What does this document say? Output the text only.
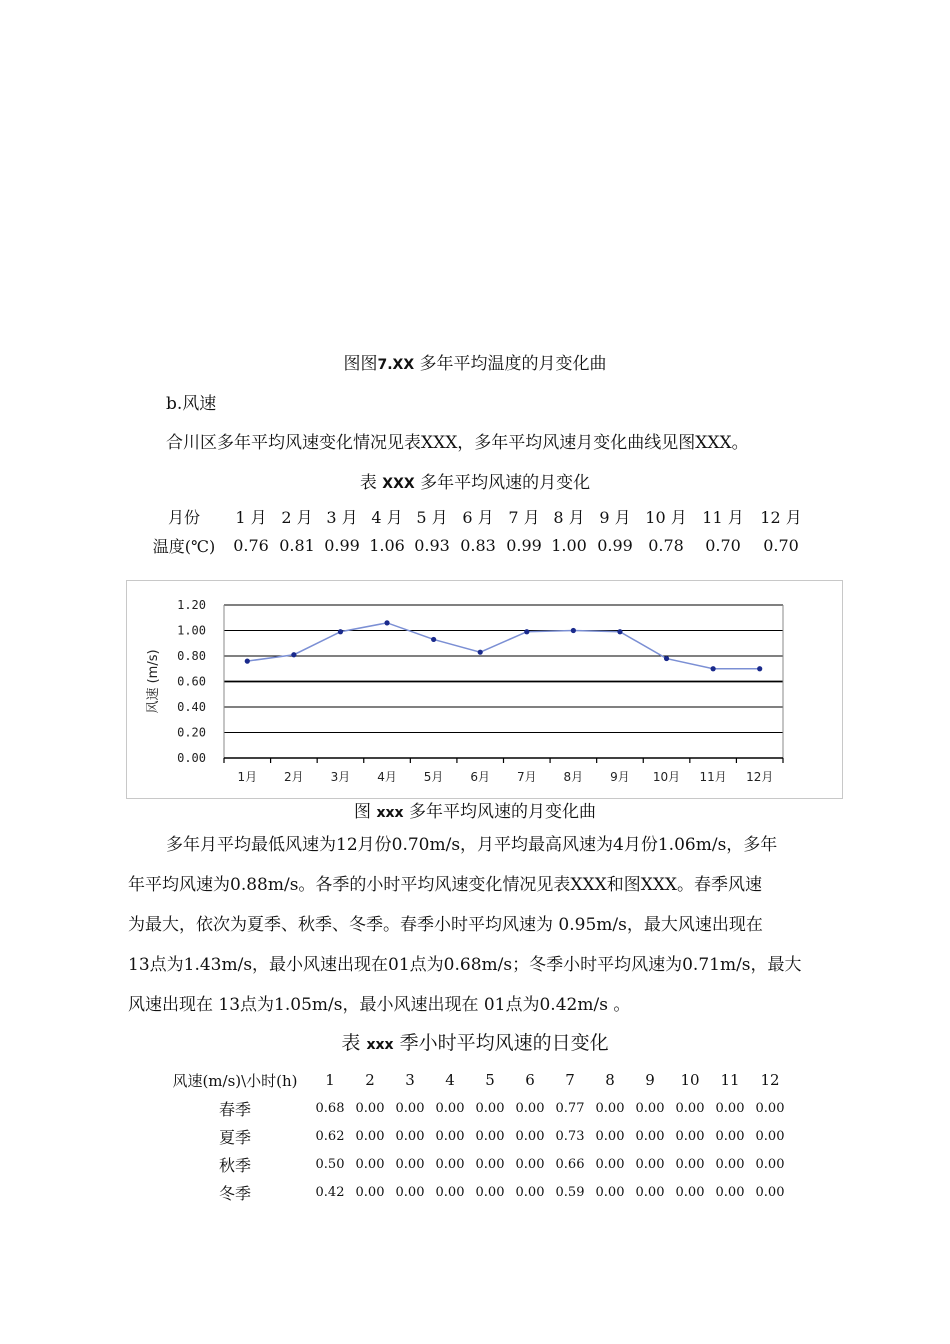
图图7.XX 多年平均温度的月变化曲
b.风速
合川区多年平均风速变化情况见表XXX，多年平均风速月变化曲线见图XXX。
表 XXX 多年平均风速的月变化
月份	1 月	2 月	3 月	4 月	5 月	6 月	7 月	8 月	9 月	10 月	11 月	12 月
温度(℃)	0.76	0.81	0.99	1.06	0.93	0.83	0.99	1.00	0.99	0.78	0.70	0.70
0.00
0.20
0.40
0.60
0.80
1.00
1.20
1月 2月 3月 4月 5月 6月 7月 8月 9月 10月 11月 12月
风速 (m/s)
图 xxx 多年平均风速的月变化曲

多年月平均最低风速为12月份0.70m/s，月平均最高风速为4月份1.06m/s，多年

年平均风速为0.88m/s。各季的小时平均风速变化情况见表XXX和图XXX。春季风速

为最大，依次为夏季、秋季、冬季。春季小时平均风速为 0.95m/s，最大风速出现在

13点为1.43m/s，最小风速出现在01点为0.68m/s；冬季小时平均风速为0.71m/s，最大

风速出现在 13点为1.05m/s，最小风速出现在 01点为0.42m/s 。

表 xxx 季小时平均风速的日变化
风速(m/s)\小时(h)	1	2	3	4	5	6	7	8	9	10	11	12
春季	0.68	0.00	0.00	0.00	0.00	0.00	0.77	0.00	0.00	0.00	0.00	0.00
夏季	0.62	0.00	0.00	0.00	0.00	0.00	0.73	0.00	0.00	0.00	0.00	0.00
秋季	0.50	0.00	0.00	0.00	0.00	0.00	0.66	0.00	0.00	0.00	0.00	0.00
冬季	0.42	0.00	0.00	0.00	0.00	0.00	0.59	0.00	0.00	0.00	0.00	0.00
